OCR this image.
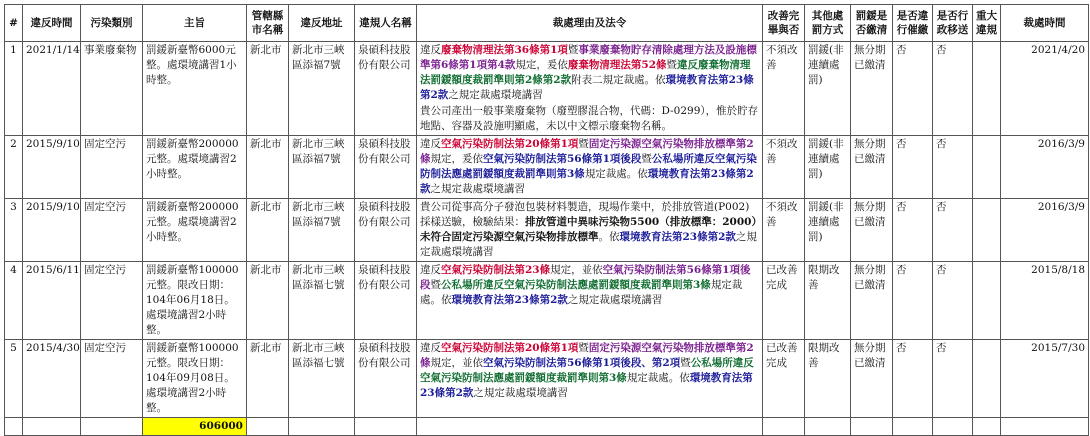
#	違反時間	污染類別	主旨	管轄縣市名稱	違反地址	違規人名稱	裁處理由及法令	改善完畢與否	其他處罰方式	罰鍰是否繳清	是否違行催繳	是否行政移送	重大違規	裁處時間
1	2021/1/14	事業廢棄物	罰鍰新臺幣6000元整。處環境講習1小時整。	新北市	新北市三峽區添福7號	泉碩科技股份有限公司	違反廢棄物清理法第36條第1項暨事業廢棄物貯存清除處理方法及設施標準第6條第1項第4款規定，爰依廢棄物清理法第52條暨違反廢棄物清理法罰鍰額度裁罰準則第2條第2款附表二規定裁處。依環境教育法第23條第2款之規定裁處環境講習
貴公司產出一般事業廢棄物（廢塑膠混合物，代碼：D-0299），惟於貯存地點、容器及設施明顯處，未以中文標示廢棄物名稱。	不須改善	罰鍰(非連續處罰)	無分期已繳清	否	否		2021/4/20
2	2015/9/10	固定空污	罰鍰新臺幣200000元整。處環境講習2小時整。	新北市	新北市三峽區添福7號	泉碩科技股份有限公司	違反空氣污染防制法第20條第1項暨固定污染源空氣污染物排放標準第2條規定，爰依空氣污染防制法第56條第1項後段暨公私場所違反空氣污染防制法應處罰鍰額度裁罰準則第3條規定裁處。依環境教育法第23條第2款之規定裁處環境講習	不須改善	罰鍰(非連續處罰)	無分期已繳清	否	否		2016/3/9
3	2015/9/10	固定空污	罰鍰新臺幣200000元整。處環境講習2小時整。	新北市	新北市三峽區添福7號	泉碩科技股份有限公司	貴公司從事高分子發泡包裝材料製造，現場作業中，於排放管道(P002)採樣送驗，檢驗結果：排放管道中異味污染物5500（排放標準：2000）未符合固定污染源空氣污染物排放標準。依環境教育法第23條第2款之規定裁處環境講習	不須改善	罰鍰(非連續處罰)	無分期已繳清	否	否		2016/3/9
4	2015/6/11	固定空污	罰鍰新臺幣100000元整。限改日期：104年06月18日。處環境講習2小時整。	新北市	新北市三峽區添福七號	泉碩科技股份有限公司	違反空氣污染防制法第23條規定，並依空氣污染防制法第56條第1項後段暨公私場所違反空氣污染防制法應處罰鍰額度裁罰準則第3條規定裁處。依環境教育法第23條第2款之規定裁處環境講習	已改善完成	限期改善	無分期已繳清	否	否		2015/8/18
5	2015/4/30	固定空污	罰鍰新臺幣100000元整。限改日期：104年09月08日。處環境講習2小時整。	新北市	新北市三峽區添福七號	泉碩科技股份有限公司	違反空氣污染防制法第20條第1項暨固定污染源空氣污染物排放標準第2條規定，並依空氣污染防制法第56條第1項後段、第2項暨公私場所違反空氣污染防制法應處罰鍰額度裁罰準則第3條規定裁處。依環境教育法第23條第2款之規定裁處環境講習	已改善完成	限期改善	無分期已繳清	否	否		2015/7/30
			606000											
